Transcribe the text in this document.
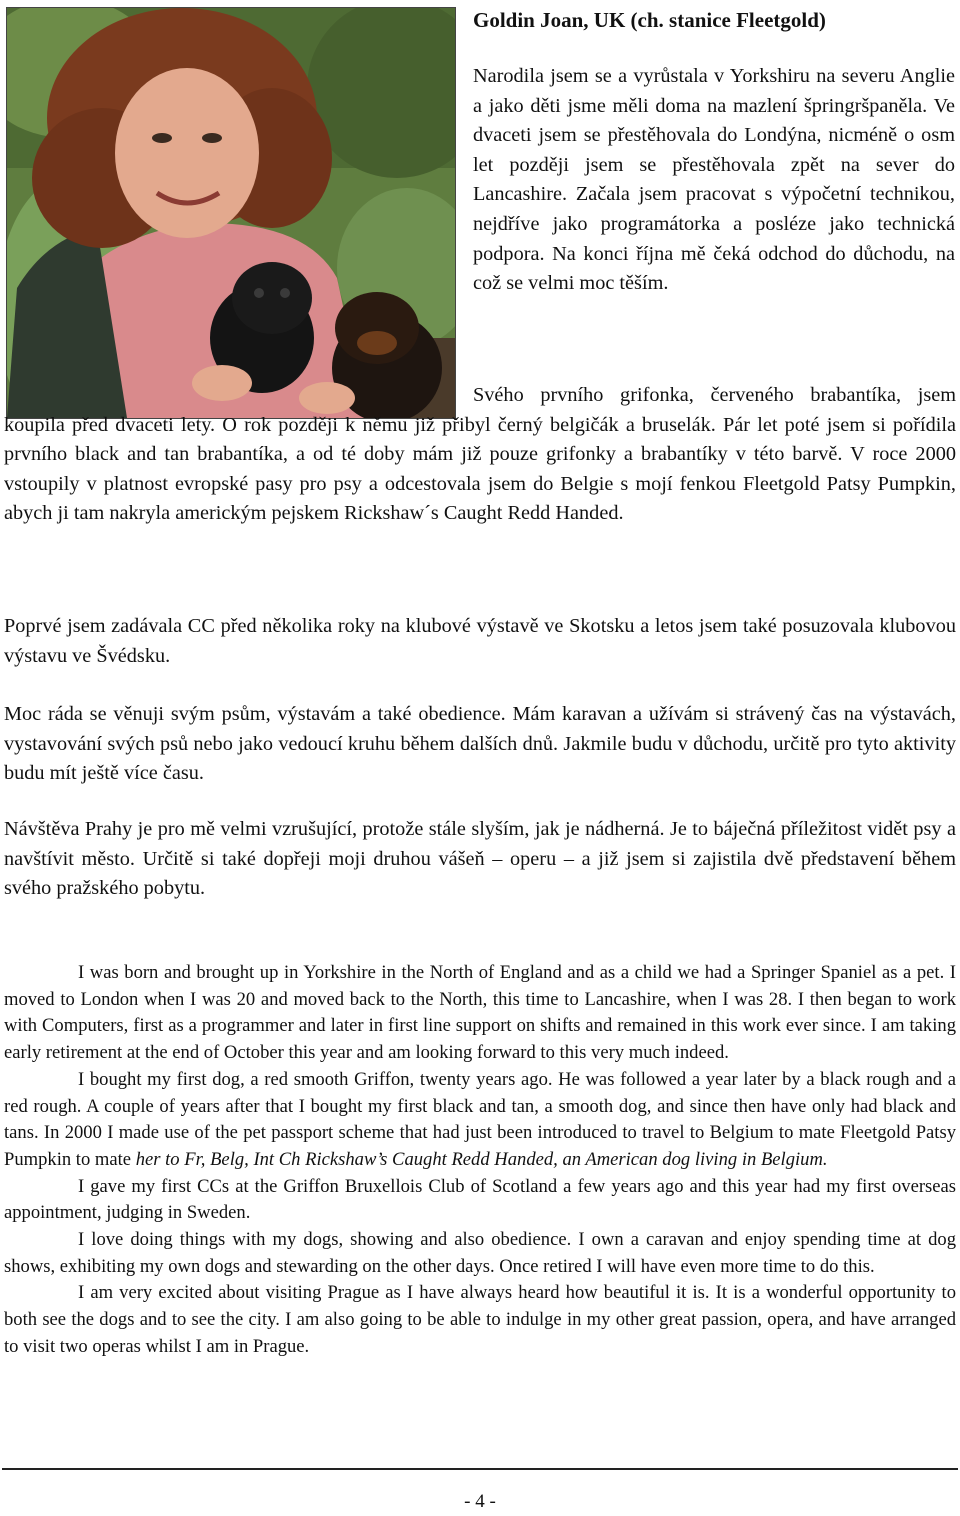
Goldin Joan, UK (ch. stanice Fleetgold)

Narodila jsem se a vyrůstala v Yorkshiru na severu Anglie a jako děti jsme měli doma na mazlení špringršpaněla. Ve dvaceti jsem se přestěhovala do Londýna, nicméně o osm let později jsem se přestěhovala zpět na sever do Lancashire. Začala jsem pracovat s výpočetní technikou, nejdříve jako programátorka a posléze jako technická podpora. Na konci října mě čeká odchod do důchodu, na což se velmi moc těším.

Svého prvního grifonka, červeného brabantíka, jsem koupila před dvaceti lety. O rok později k němu již přibyl černý belgičák a bruselák. Pár let poté jsem si pořídila prvního black and tan brabantíka, a od té doby mám již pouze grifonky a brabantíky v této barvě. V roce 2000 vstoupily v platnost evropské pasy pro psy a odcestovala jsem do Belgie s mojí fenkou Fleetgold Patsy Pumpkin, abych ji tam nakryla americkým pejskem Rickshaw´s Caught Redd Handed.

Poprvé jsem zadávala CC před několika roky na klubové výstavě ve Skotsku a letos jsem také posuzovala klubovou výstavu ve Švédsku.

Moc ráda se věnuji svým psům, výstavám a také obedience. Mám karavan a užívám si strávený čas na výstavách, vystavování svých psů nebo jako vedoucí kruhu během dalších dnů. Jakmile budu v důchodu, určitě pro tyto aktivity budu mít ještě více času.

Návštěva Prahy je pro mě velmi vzrušující, protože stále slyším, jak je nádherná. Je to báječná příležitost vidět psy a navštívit město. Určitě si také dopřeji moji druhou vášeň – operu – a již jsem si zajistila dvě představení během svého pražského pobytu.

I was born and brought up in Yorkshire in the North of England and as a child we had a Springer Spaniel as a pet. I moved to London when I was 20 and moved back to the North, this time to Lancashire, when I was 28. I then began to work with Computers, first as a programmer and later in first line support on shifts and remained in this work ever since. I am taking early retirement at the end of October this year and am looking forward to this very much indeed.

I bought my first dog, a red smooth Griffon, twenty years ago. He was followed a year later by a black rough and a red rough. A couple of years after that I bought my first black and tan, a smooth dog, and since then have only had black and tans. In 2000 I made use of the pet passport scheme that had just been introduced to travel to Belgium to mate Fleetgold Patsy Pumpkin to mate her to Fr, Belg, Int Ch Rickshaw’s Caught Redd Handed, an American dog living in Belgium.

I gave my first CCs at the Griffon Bruxellois Club of Scotland a few years ago and this year had my first overseas appointment, judging in Sweden.

I love doing things with my dogs, showing and also obedience. I own a caravan and enjoy spending time at dog shows, exhibiting my own dogs and stewarding on the other days. Once retired I will have even more time to do this.

I am very excited about visiting Prague as I have always heard how beautiful it is. It is a wonderful opportunity to both see the dogs and to see the city. I am also going to be able to indulge in my other great passion, opera, and have arranged to visit two operas whilst I am in Prague.

- 4 -
